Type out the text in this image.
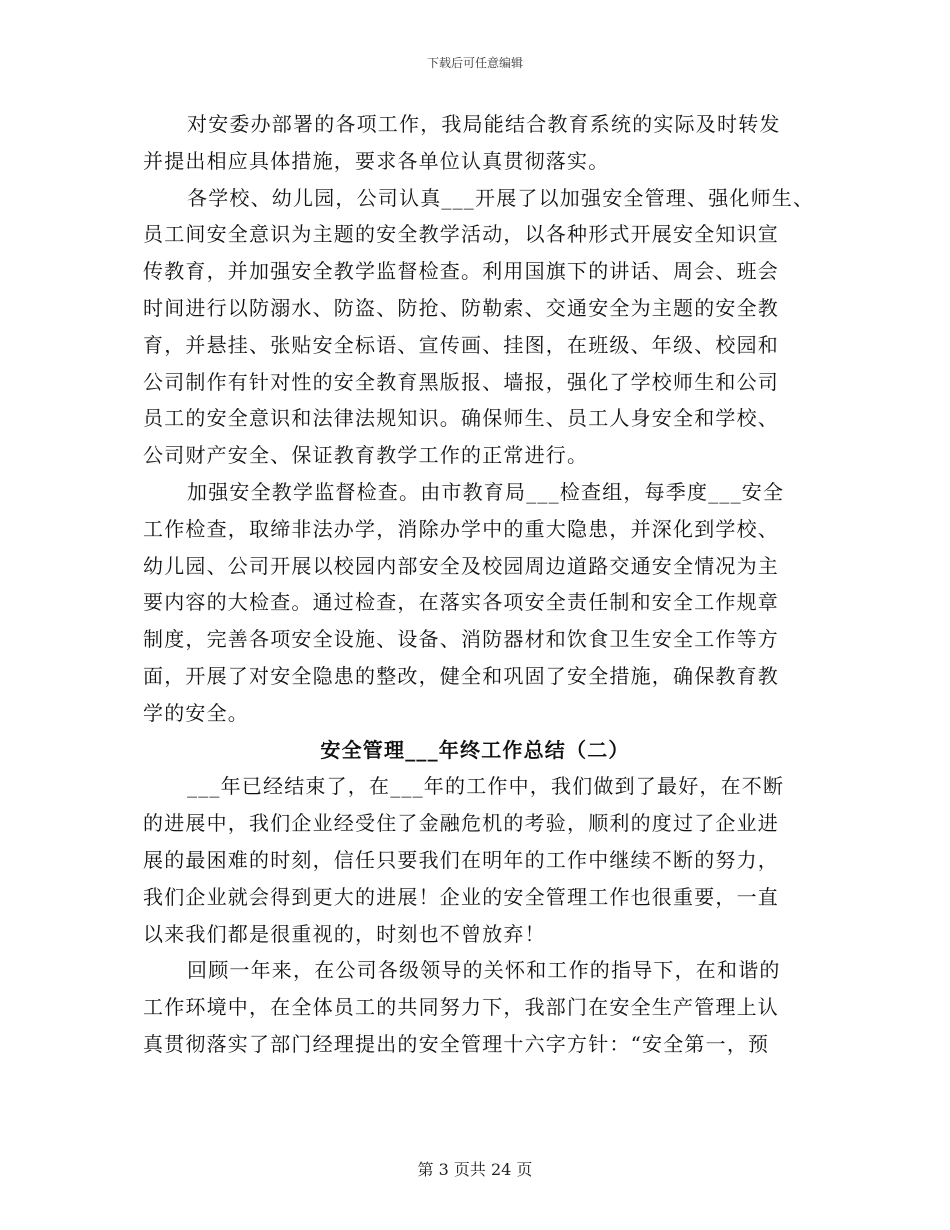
下载后可任意编辑
对安委办部署的各项工作，我局能结合教育系统的实际及时转发
并提出相应具体措施，要求各单位认真贯彻落实。
各学校、幼儿园，公司认真___开展了以加强安全管理、强化师生、
员工间安全意识为主题的安全教学活动，以各种形式开展安全知识宣
传教育，并加强安全教学监督检查。利用国旗下的讲话、周会、班会
时间进行以防溺水、防盗、防抢、防勒索、交通安全为主题的安全教
育，并悬挂、张贴安全标语、宣传画、挂图，在班级、年级、校园和
公司制作有针对性的安全教育黑版报、墙报，强化了学校师生和公司
员工的安全意识和法律法规知识。确保师生、员工人身安全和学校、
公司财产安全、保证教育教学工作的正常进行。
加强安全教学监督检查。由市教育局___检查组，每季度___安全
工作检查，取缔非法办学，消除办学中的重大隐患，并深化到学校、
幼儿园、公司开展以校园内部安全及校园周边道路交通安全情况为主
要内容的大检查。通过检查，在落实各项安全责任制和安全工作规章
制度，完善各项安全设施、设备、消防器材和饮食卫生安全工作等方
面，开展了对安全隐患的整改，健全和巩固了安全措施，确保教育教
学的安全。
安全管理___年终工作总结（二）
___年已经结束了，在___年的工作中，我们做到了最好，在不断
的进展中，我们企业经受住了金融危机的考验，顺利的度过了企业进
展的最困难的时刻，信任只要我们在明年的工作中继续不断的努力，
我们企业就会得到更大的进展！企业的安全管理工作也很重要，一直
以来我们都是很重视的，时刻也不曾放弃！
回顾一年来，在公司各级领导的关怀和工作的指导下，在和谐的
工作环境中，在全体员工的共同努力下，我部门在安全生产管理上认
真贯彻落实了部门经理提出的安全管理十六字方针：“安全第一，预
第 3 页共 24 页
